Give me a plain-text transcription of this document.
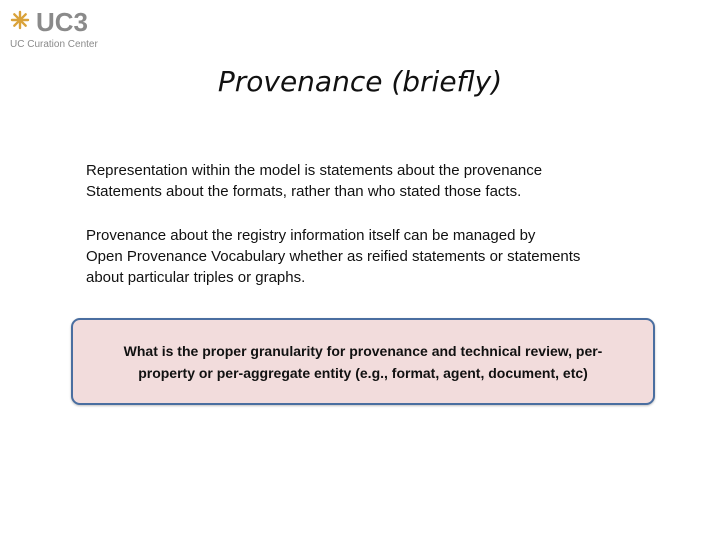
UC3
UC Curation Center
Provenance (briefly)
Representation within the model is statements about the provenance
Statements about the formats, rather than who stated those facts.
Provenance about the registry information itself can be managed by
Open Provenance Vocabulary whether as reified statements or statements
about particular triples or graphs.
What is the proper granularity for provenance and technical review, per-
property or per-aggregate entity (e.g., format, agent, document, etc)
